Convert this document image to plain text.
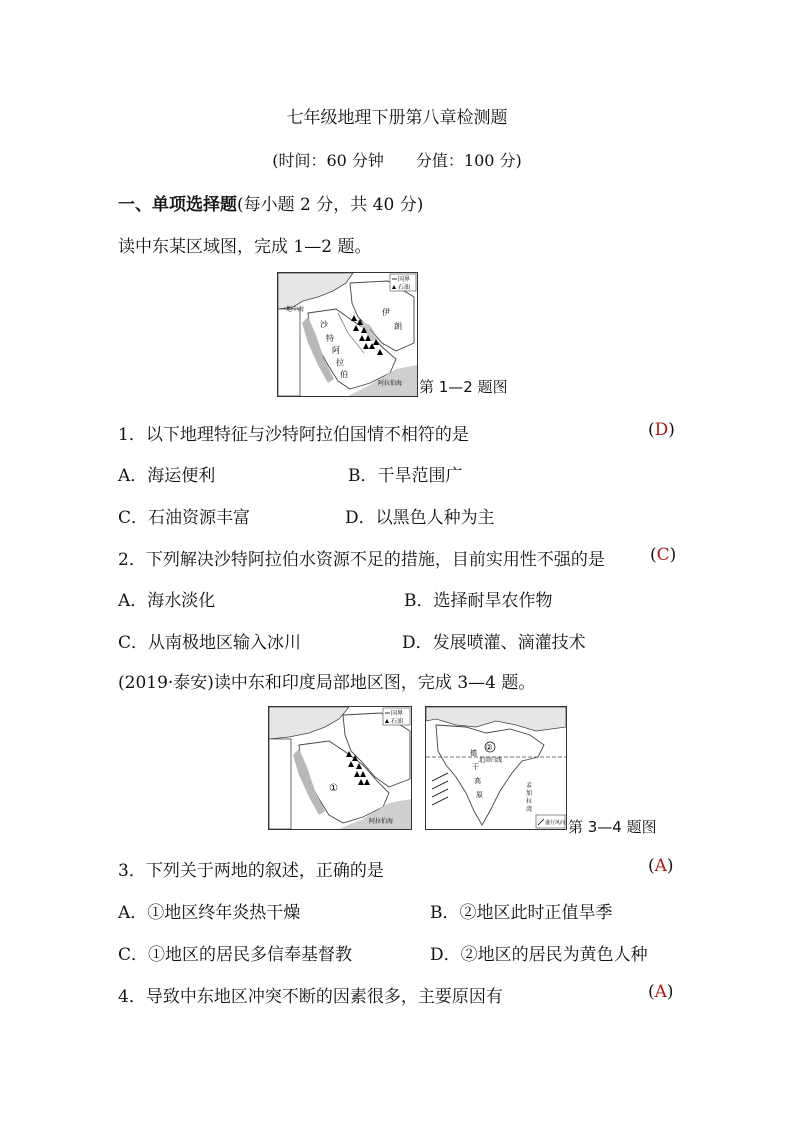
七年级地理下册第八章检测题
(时间：60 分钟　　分值：100 分)
一、单项选择题(每小题 2 分，共 40 分)
读中东某区域图，完成 1—2 题。
国界
石油
地中海	伊
朗
沙
特
阿
拉
伯
阿拉伯海 第 1—2 题图
1．以下地理特征与沙特阿拉伯国情不相符的是	(D)
A．海运便利	B．干旱范围广
C．石油资源丰富	D．以黑色人种为主
2．下列解决沙特阿拉伯水资源不足的措施，目前实用性不强的是	(C)
A．海水淡化	B．选择耐旱农作物
C．从南极地区输入冰川	D．发展喷灌、滴灌技术
(2019·泰安)读中东和印度局部地区图，完成 3—4 题。
国界
石油
①
阿拉伯海
北回归线
②
德
干
高
原
孟
加
拉
湾
盛行风向 第 3—4 题图
3．下列关于两地的叙述，正确的是	(A)
A．①地区终年炎热干燥	B．②地区此时正值旱季
C．①地区的居民多信奉基督教	D．②地区的居民为黄色人种
4．导致中东地区冲突不断的因素很多，主要原因有	(A)
